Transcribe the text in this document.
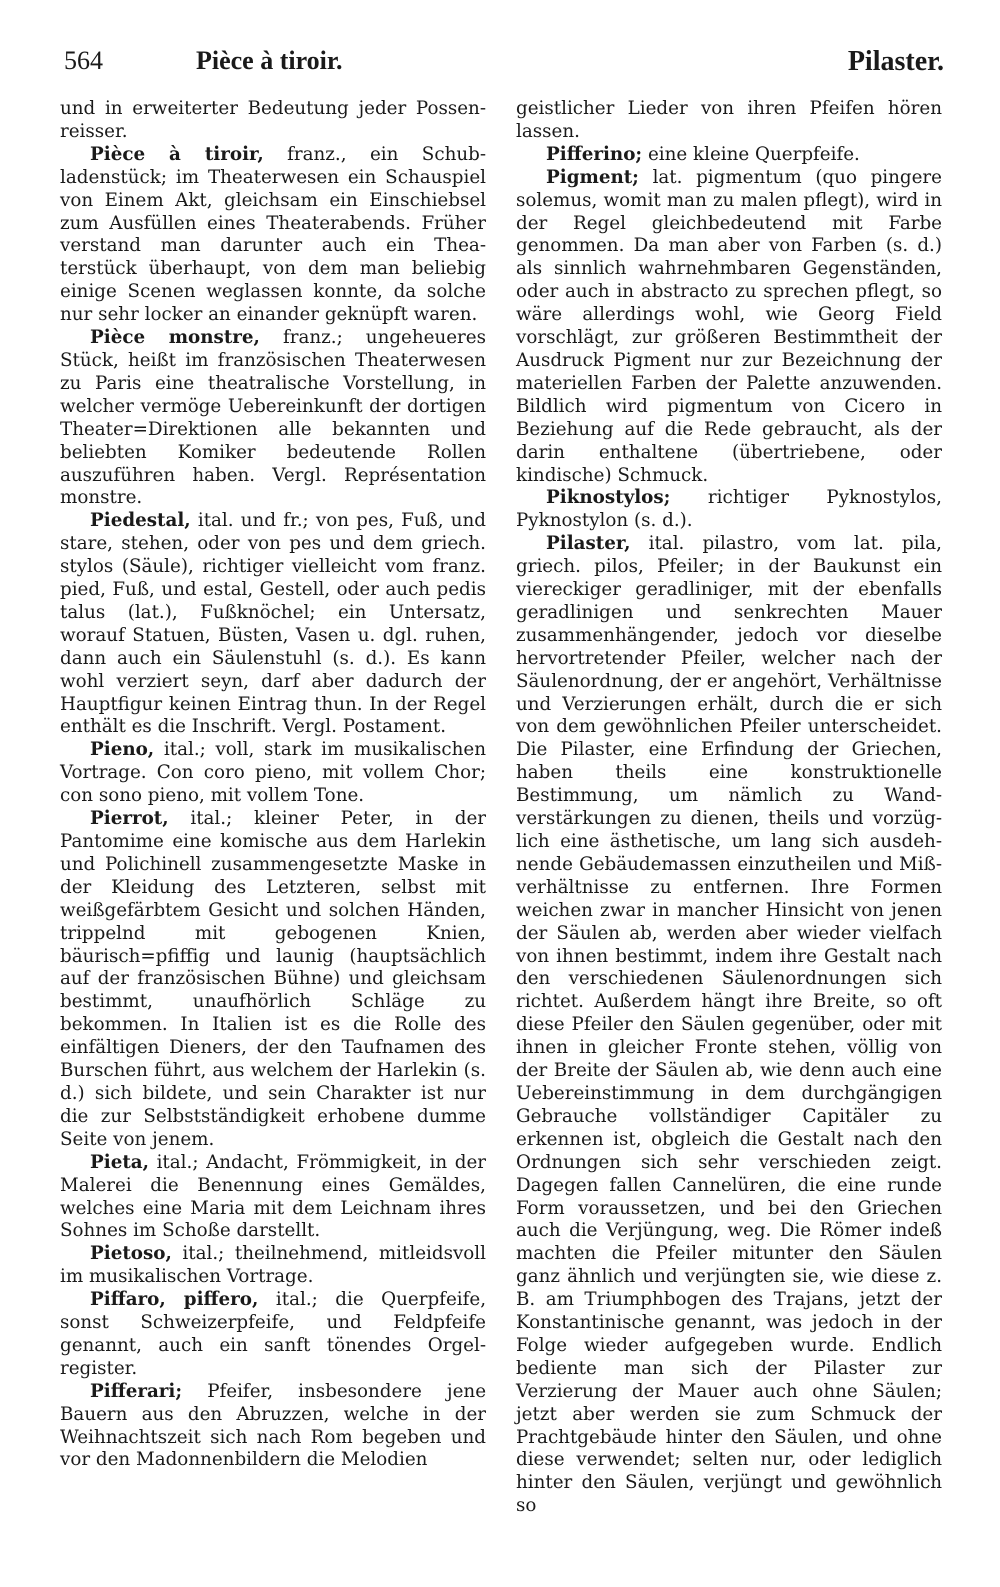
564	Pièce à tiroir.	Pilaster.

und in erweiterter Bedeutung jeder Possenreisser.

Pièce à tiroir, franz., ein Schubladenstück; im Theaterwesen ein Schauspiel von Einem Akt, gleichsam ein Einschiebsel zum Ausfüllen eines Theaterabends. Früher verstand man darunter auch ein Theaterstück überhaupt, von dem man beliebig einige Scenen weglassen konnte, da solche nur sehr locker an einander geknüpft waren.

Pièce monstre, franz.; ungeheueres Stück, heißt im französischen Theaterwesen zu Paris eine theatralische Vorstellung, in welcher vermöge Uebereinkunft der dortigen Theater=Direktionen alle bekannten und beliebten Komiker bedeutende Rollen auszuführen haben. Vergl. Représentation monstre.

Piedestal, ital. und fr.; von pes, Fuß, und stare, stehen, oder von pes und dem griech. stylos (Säule), richtiger vielleicht vom franz. pied, Fuß, und estal, Gestell, oder auch pedis talus (lat.), Fußknöchel; ein Untersatz, worauf Statuen, Büsten, Vasen u. dgl. ruhen, dann auch ein Säulenstuhl (s. d.). Es kann wohl verziert seyn, darf aber dadurch der Hauptfigur keinen Eintrag thun. In der Regel enthält es die Inschrift. Vergl. Postament.

Pieno, ital.; voll, stark im musikalischen Vortrage. Con coro pieno, mit vollem Chor; con sono pieno, mit vollem Tone.

Pierrot, ital.; kleiner Peter, in der Pantomime eine komische aus dem Harlekin und Polichinell zusammengesetzte Maske in der Kleidung des Letzteren, selbst mit weißgefärbtem Gesicht und solchen Händen, trippelnd mit gebogenen Knien, bäurisch=pfiffig und launig (hauptsächlich auf der französischen Bühne) und gleichsam bestimmt, unaufhörlich Schläge zu bekommen. In Italien ist es die Rolle des einfältigen Dieners, der den Taufnamen des Burschen führt, aus welchem der Harlekin (s. d.) sich bildete, und sein Charakter ist nur die zur Selbstständigkeit erhobene dumme Seite von jenem.

Pieta, ital.; Andacht, Frömmigkeit, in der Malerei die Benennung eines Gemäldes, welches eine Maria mit dem Leichnam ihres Sohnes im Schoße darstellt.

Pietoso, ital.; theilnehmend, mitleidsvoll im musikalischen Vortrage.

Piffaro, piffero, ital.; die Querpfeife, sonst Schweizerpfeife, und Feldpfeife genannt, auch ein sanft tönendes Orgelregister.

Pifferari; Pfeifer, insbesondere jene Bauern aus den Abruzzen, welche in der Weihnachtszeit sich nach Rom begeben und vor den Madonnenbildern die Melodien

geistlicher Lieder von ihren Pfeifen hören lassen.

Pifferino; eine kleine Querpfeife.

Pigment; lat. pigmentum (quo pingere solemus, womit man zu malen pflegt), wird in der Regel gleichbedeutend mit Farbe genommen. Da man aber von Farben (s. d.) als sinnlich wahrnehmbaren Gegenständen, oder auch in abstracto zu sprechen pflegt, so wäre allerdings wohl, wie Georg Field vorschlägt, zur größeren Bestimmtheit der Ausdruck Pigment nur zur Bezeichnung der materiellen Farben der Palette anzuwenden. Bildlich wird pigmentum von Cicero in Beziehung auf die Rede gebraucht, als der darin enthaltene (übertriebene, oder kindische) Schmuck.

Piknostylos; richtiger Pyknostylos, Pyknostylon (s. d.).

Pilaster, ital. pilastro, vom lat. pila, griech. pilos, Pfeiler; in der Baukunst ein viereckiger geradliniger, mit der ebenfalls geradlinigen und senkrechten Mauer zusammenhängender, jedoch vor dieselbe hervortretender Pfeiler, welcher nach der Säulenordnung, der er angehört, Verhältnisse und Verzierungen erhält, durch die er sich von dem gewöhnlichen Pfeiler unterscheidet. Die Pilaster, eine Erfindung der Griechen, haben theils eine konstruktionelle Bestimmung, um nämlich zu Wandverstärkungen zu dienen, theils und vorzüglich eine ästhetische, um lang sich ausdehnende Gebäudemassen einzutheilen und Mißverhältnisse zu entfernen. Ihre Formen weichen zwar in mancher Hinsicht von jenen der Säulen ab, werden aber wieder vielfach von ihnen bestimmt, indem ihre Gestalt nach den verschiedenen Säulenordnungen sich richtet. Außerdem hängt ihre Breite, so oft diese Pfeiler den Säulen gegenüber, oder mit ihnen in gleicher Fronte stehen, völlig von der Breite der Säulen ab, wie denn auch eine Uebereinstimmung in dem durchgängigen Gebrauche vollständiger Capitäler zu erkennen ist, obgleich die Gestalt nach den Ordnungen sich sehr verschieden zeigt. Dagegen fallen Cannelüren, die eine runde Form voraussetzen, und bei den Griechen auch die Verjüngung, weg. Die Römer indeß machten die Pfeiler mitunter den Säulen ganz ähnlich und verjüngten sie, wie diese z. B. am Triumphbogen des Trajans, jetzt der Konstantinische genannt, was jedoch in der Folge wieder aufgegeben wurde. Endlich bediente man sich der Pilaster zur Verzierung der Mauer auch ohne Säulen; jetzt aber werden sie zum Schmuck der Prachtgebäude hinter den Säulen, und ohne diese verwendet; selten nur, oder lediglich hinter den Säulen, verjüngt und gewöhnlich so
